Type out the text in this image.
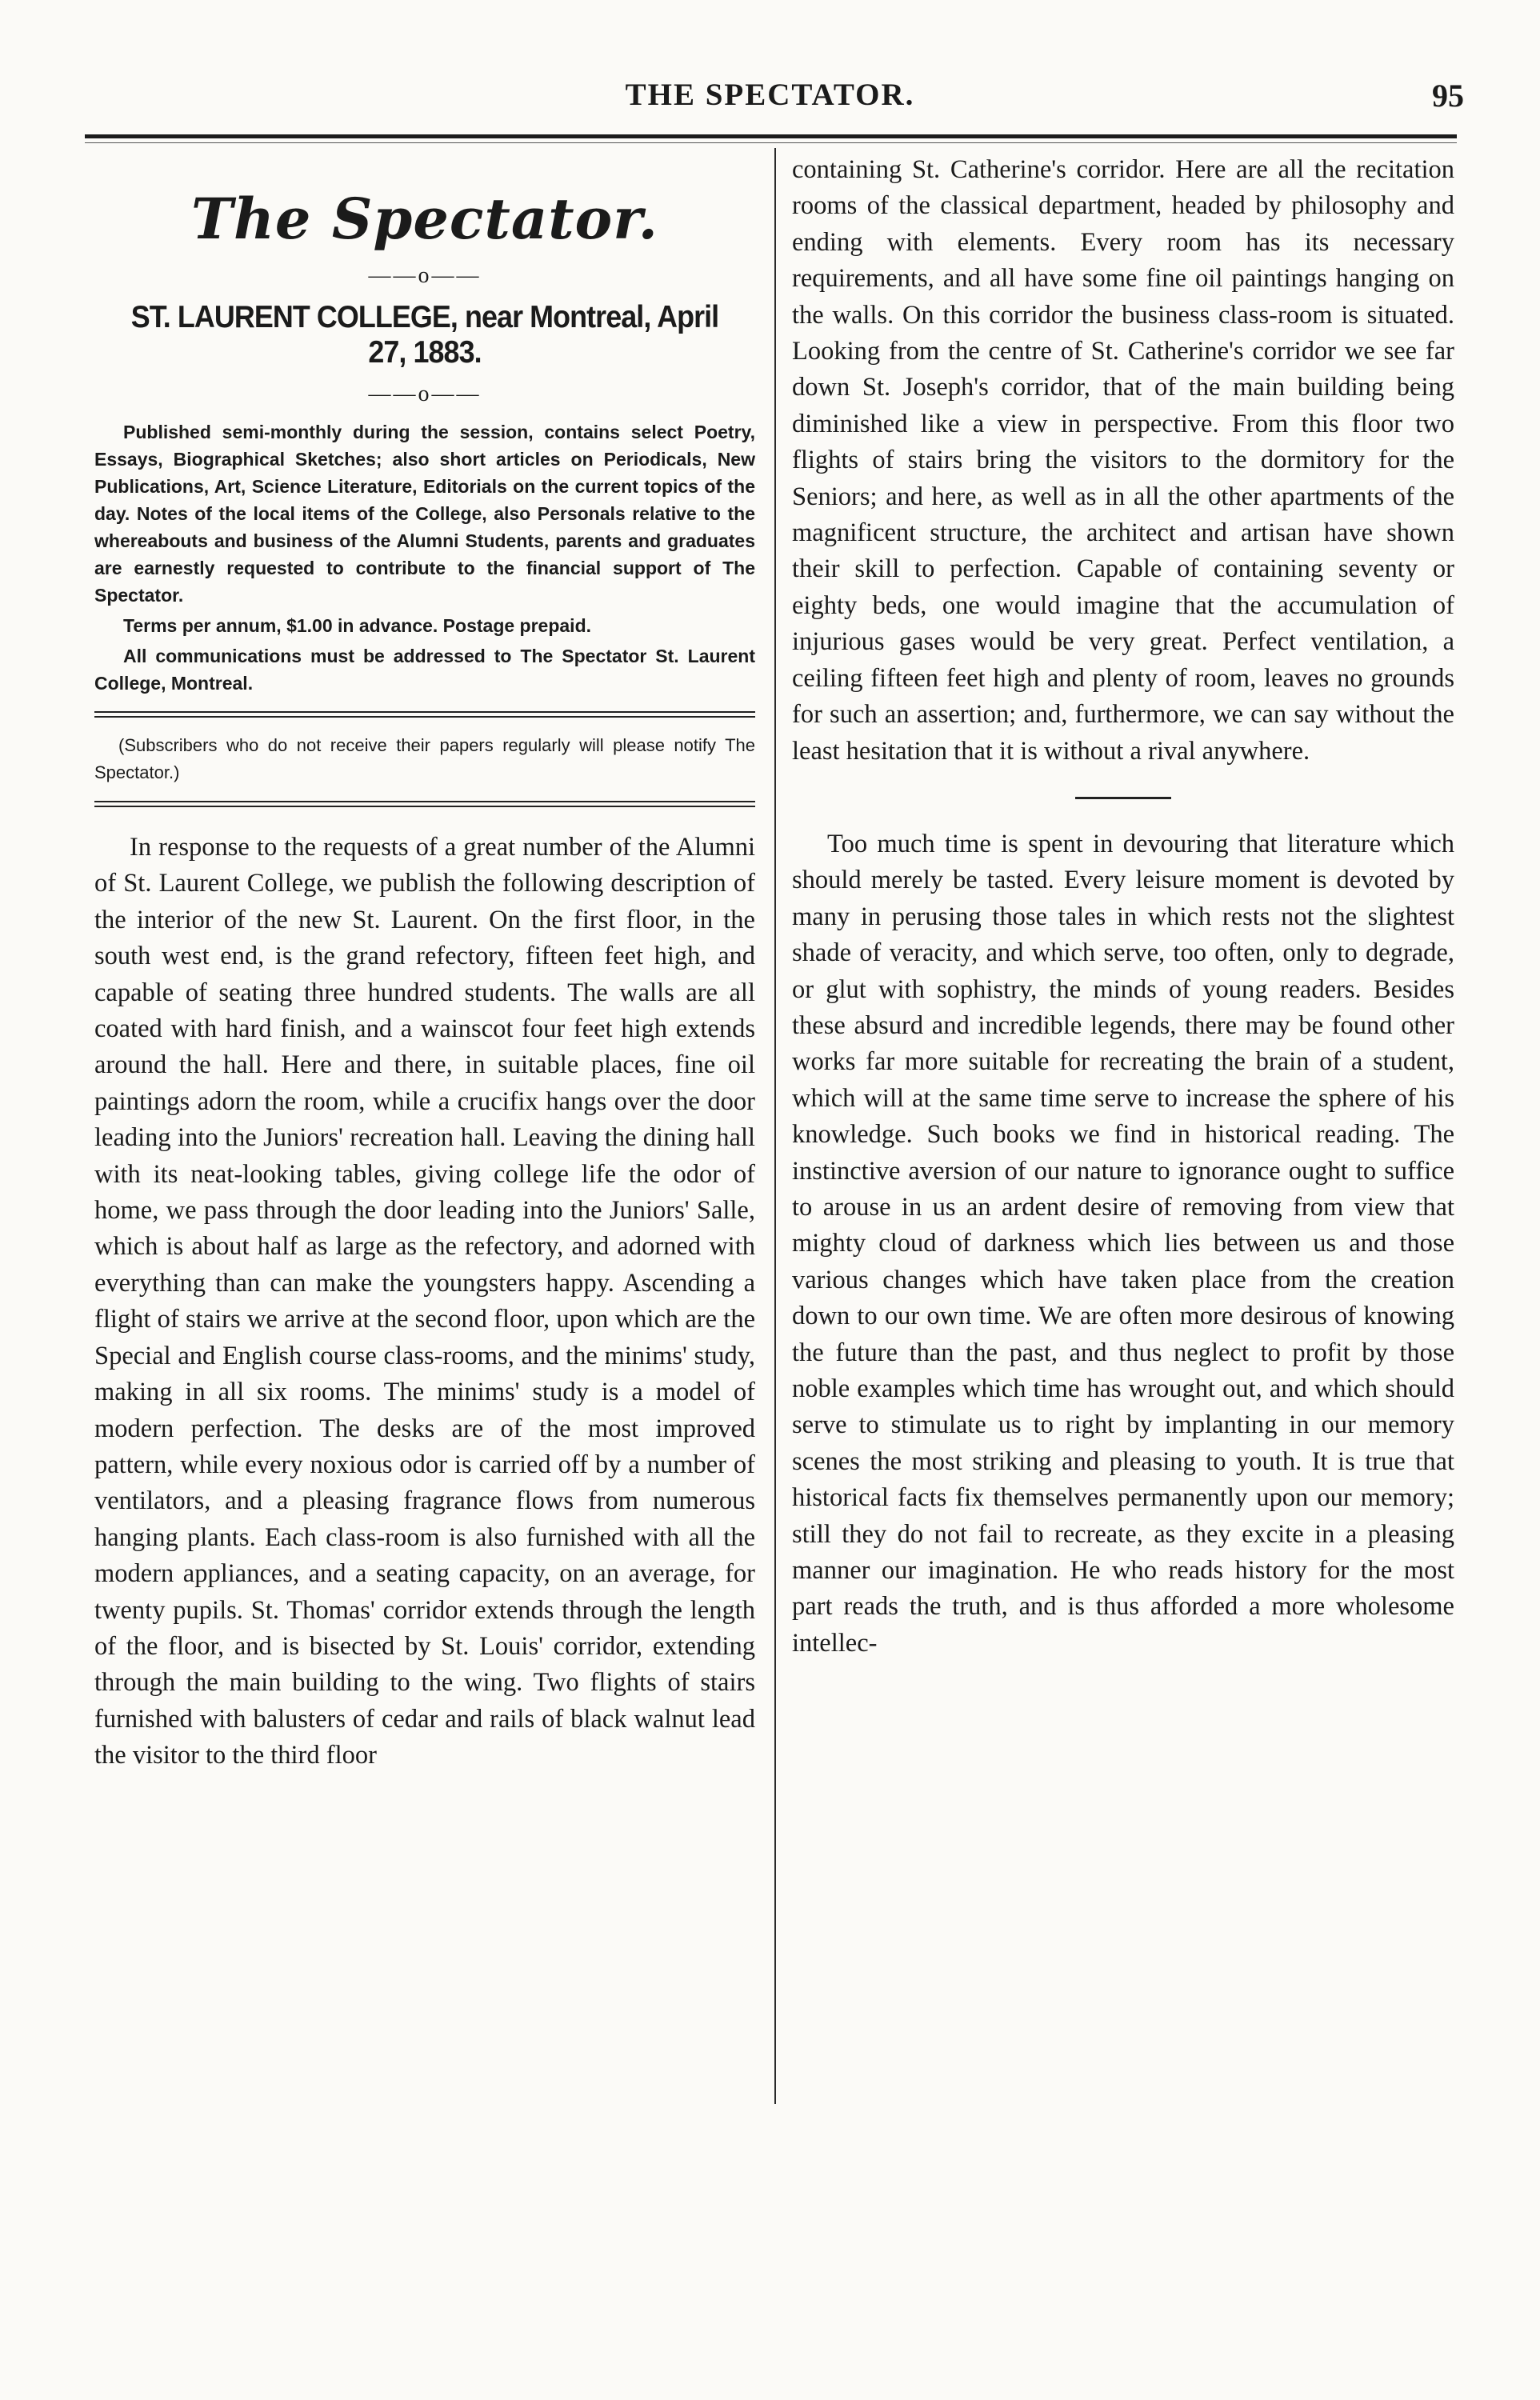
THE SPECTATOR.	95
The Spectator.
——o——
ST. LAURENT COLLEGE, near Montreal, April 27, 1883.
——o——

Published semi-monthly during the session, contains select Poetry, Essays, Biographical Sketches; also short articles on Periodicals, New Publications, Art, Science Literature, Editorials on the current topics of the day. Notes of the local items of the College, also Personals relative to the whereabouts and business of the Alumni Students, parents and graduates are earnestly requested to contribute to the financial support of The Spectator.

Terms per annum, $1.00 in advance. Postage prepaid.

All communications must be addressed to The Spectator St. Laurent College, Montreal.

(Subscribers who do not receive their papers regularly will please notify The Spectator.)

In response to the requests of a great number of the Alumni of St. Laurent College, we publish the following description of the interior of the new St. Laurent. On the first floor, in the south west end, is the grand refectory, fifteen feet high, and capable of seating three hundred students. The walls are all coated with hard finish, and a wainscot four feet high extends around the hall. Here and there, in suitable places, fine oil paintings adorn the room, while a crucifix hangs over the door leading into the Juniors' recreation hall. Leaving the dining hall with its neat-looking tables, giving college life the odor of home, we pass through the door leading into the Juniors' Salle, which is about half as large as the refectory, and adorned with everything than can make the youngsters happy. Ascending a flight of stairs we arrive at the second floor, upon which are the Special and English course class-rooms, and the minims' study, making in all six rooms. The minims' study is a model of modern perfection. The desks are of the most improved pattern, while every noxious odor is carried off by a number of ventilators, and a pleasing fragrance flows from numerous hanging plants. Each class-room is also furnished with all the modern appliances, and a seating capacity, on an average, for twenty pupils. St. Thomas' corridor extends through the length of the floor, and is bisected by St. Louis' corridor, extending through the main building to the wing. Two flights of stairs furnished with balusters of cedar and rails of black walnut lead the visitor to the third floor

containing St. Catherine's corridor. Here are all the recitation rooms of the classical department, headed by philosophy and ending with elements. Every room has its necessary requirements, and all have some fine oil paintings hanging on the walls. On this corridor the business class-room is situated. Looking from the centre of St. Catherine's corridor we see far down St. Joseph's corridor, that of the main building being diminished like a view in perspective. From this floor two flights of stairs bring the visitors to the dormitory for the Seniors; and here, as well as in all the other apartments of the magnificent structure, the architect and artisan have shown their skill to perfection. Capable of containing seventy or eighty beds, one would imagine that the accumulation of injurious gases would be very great. Perfect ventilation, a ceiling fifteen feet high and plenty of room, leaves no grounds for such an assertion; and, furthermore, we can say without the least hesitation that it is without a rival anywhere.

Too much time is spent in devouring that literature which should merely be tasted. Every leisure moment is devoted by many in perusing those tales in which rests not the slightest shade of veracity, and which serve, too often, only to degrade, or glut with sophistry, the minds of young readers. Besides these absurd and incredible legends, there may be found other works far more suitable for recreating the brain of a student, which will at the same time serve to increase the sphere of his knowledge. Such books we find in historical reading. The instinctive aversion of our nature to ignorance ought to suffice to arouse in us an ardent desire of removing from view that mighty cloud of darkness which lies between us and those various changes which have taken place from the creation down to our own time. We are often more desirous of knowing the future than the past, and thus neglect to profit by those noble examples which time has wrought out, and which should serve to stimulate us to right by implanting in our memory scenes the most striking and pleasing to youth. It is true that historical facts fix themselves permanently upon our memory; still they do not fail to recreate, as they excite in a pleasing manner our imagination. He who reads history for the most part reads the truth, and is thus afforded a more wholesome intellec-
